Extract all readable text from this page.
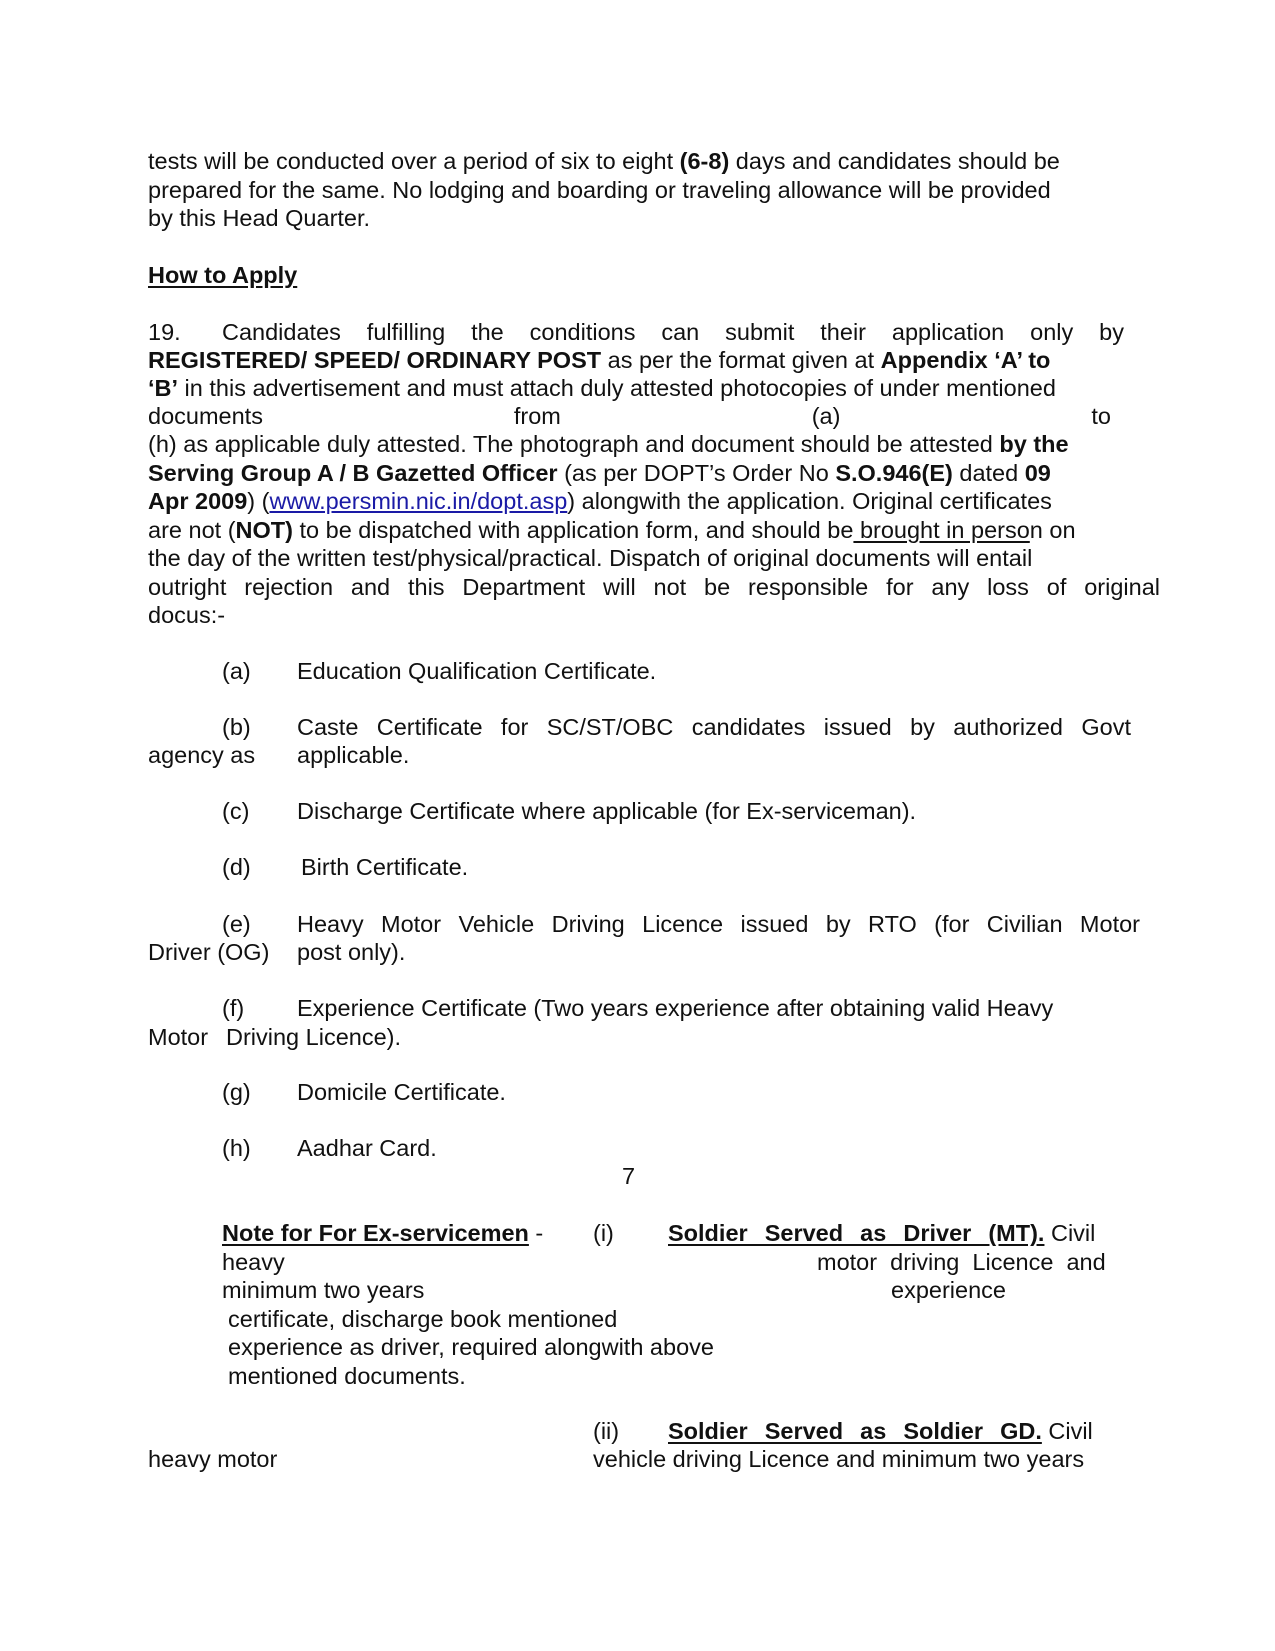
tests will be conducted over a period of six to eight (6-8) days and candidates should be
prepared for the same. No lodging and boarding or traveling allowance will be provided
by this Head Quarter.
How to Apply
19. Candidates fulfilling the conditions can submit their application only by
REGISTERED/ SPEED/ ORDINARY POST as per the format given at Appendix ‘A’ to
‘B’ in this advertisement and must attach duly attested photocopies of under mentioned
documents	from	(a)	to
(h) as applicable duly attested. The photograph and document should be attested by the
Serving Group A / B Gazetted Officer (as per DOPT’s Order No S.O.946(E) dated 09
Apr 2009) (www.persmin.nic.in/dopt.asp) alongwith the application. Original certificates
are not (NOT) to be dispatched with application form, and should be brought in person on
the day of the written test/physical/practical. Dispatch of original documents will entail
outright rejection and this Department will not be responsible for any loss of original
docus:-
(a) Education Qualification Certificate.
(b) Caste Certificate for SC/ST/OBC candidates issued by authorized Govt
agency as applicable.
(c) Discharge Certificate where applicable (for Ex-serviceman).
(d) Birth Certificate.
(e) Heavy Motor Vehicle Driving Licence issued by RTO (for Civilian Motor
Driver (OG) post only).
(f) Experience Certificate (Two years experience after obtaining valid Heavy
Motor Driving Licence).
(g) Domicile Certificate.
(h) Aadhar Card.
7
Note for For Ex-servicemen - (i) Soldier  Served  as  Driver  (MT). Civil
heavy	motor  driving  Licence  and
minimum two years	experience
certificate, discharge book mentioned
experience as driver, required alongwith above
mentioned documents.
(ii) Soldier  Served  as  Soldier  GD. Civil
heavy motor	vehicle driving Licence and minimum two years
